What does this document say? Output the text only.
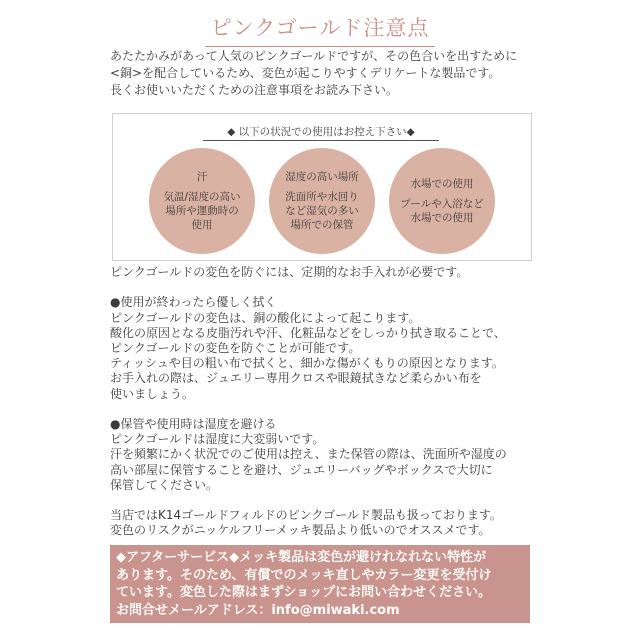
ピンクゴールド注意点

あたたかみがあって人気のピンクゴールドですが、その色合いを出すために

<銅>を配合しているため、変色が起こりやすくデリケートな製品です。

長くお使いいただくための注意事項をお読み下さい。

◆ 以下の状況での使用はお控え下さい◆
汗
気温/湿度の高い
場所や運動時の
使用
湿度の高い場所
洗面所や水回り
など湿気の多い
場所での保管
水場での使用
プールや入浴など
水場での使用
ピンクゴールドの変色を防ぐには、定期的なお手入れが必要です。
●使用が終わったら優しく拭く
ピンクゴールドの変色は、銅の酸化によって起こります。
酸化の原因となる皮脂汚れや汗、化粧品などをしっかり拭き取ることで、
ピンクゴールドの変色を防ぐことが可能です。
ティッシュや目の粗い布で拭くと、細かな傷がくもりの原因となります。
お手入れの際は、ジュエリー専用クロスや眼鏡拭きなど柔らかい布を
使いましょう。
●保管や使用時は湿度を避ける
ピンクゴールドは湿度に大変弱いです。
汗を頻繁にかく状況でのご使用は控え、また保管の際は、洗面所や湿度の
高い部屋に保管することを避け、ジュエリーバッグやボックスで大切に
保管してください。
当店ではK14ゴールドフィルドのピンクゴールド製品も扱っております。
変色のリスクがニッケルフリーメッキ製品より低いのでオススメです。
◆アフターサービス◆メッキ製品は変色が避けれなれない特性が
あります。そのため、有償でのメッキ直しやカラー変更を受付け
ています。変色した際はまずショップにお問い合わせください。
お問合せメールアドレス：info@miwaki.com
